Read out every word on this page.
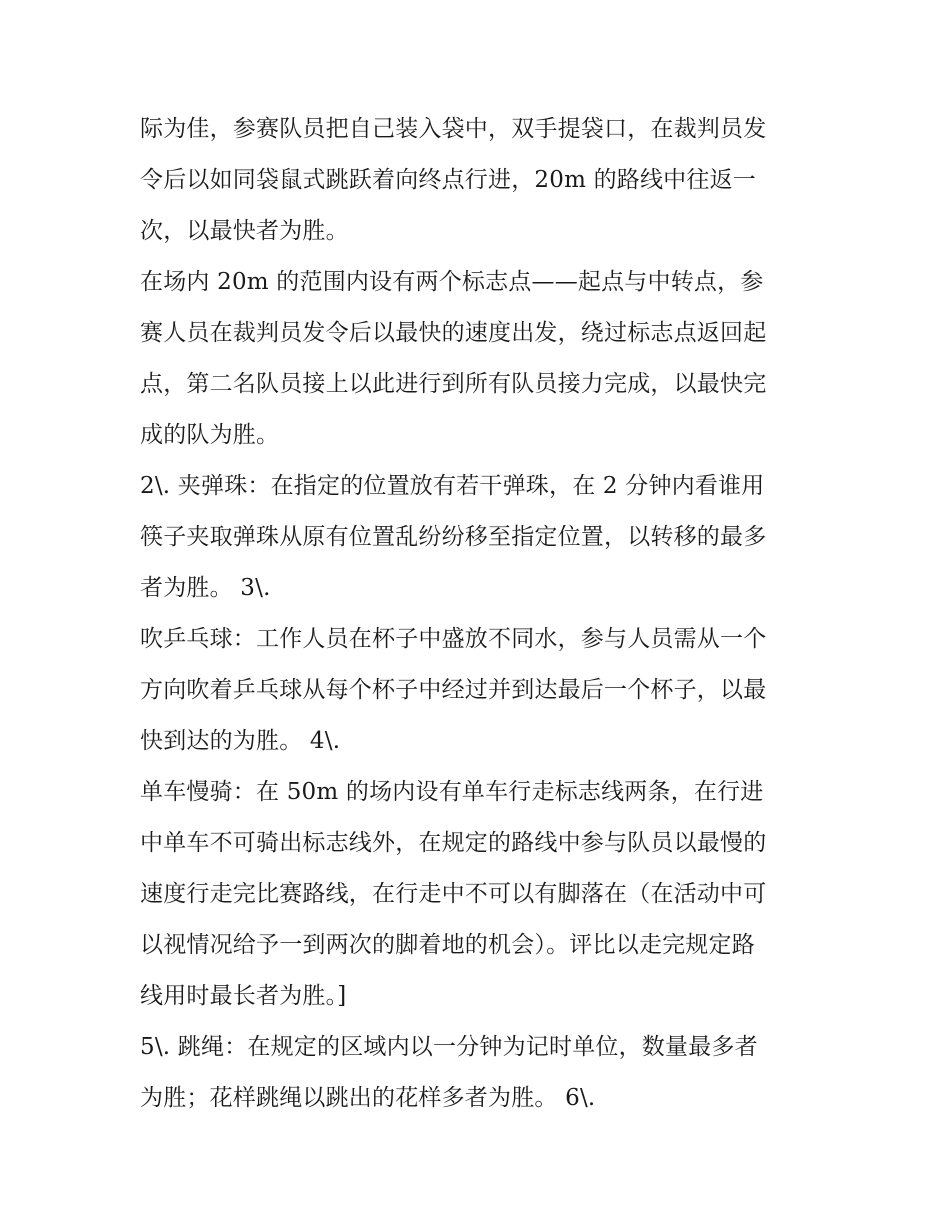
际为佳，参赛队员把自己装入袋中，双手提袋口，在裁判员发
令后以如同袋鼠式跳跃着向终点行进，20m 的路线中往返一
次，以最快者为胜。
在场内 20m 的范围内设有两个标志点——起点与中转点，参
赛人员在裁判员发令后以最快的速度出发，绕过标志点返回起
点，第二名队员接上以此进行到所有队员接力完成，以最快完
成的队为胜。
2\. 夹弹珠：在指定的位置放有若干弹珠，在 2 分钟内看谁用
筷子夹取弹珠从原有位置乱纷纷移至指定位置，以转移的最多
者为胜。 3\.
吹乒乓球：工作人员在杯子中盛放不同水，参与人员需从一个
方向吹着乒乓球从每个杯子中经过并到达最后一个杯子，以最
快到达的为胜。 4\.
单车慢骑：在 50m 的场内设有单车行走标志线两条，在行进
中单车不可骑出标志线外，在规定的路线中参与队员以最慢的
速度行走完比赛路线，在行走中不可以有脚落在（在活动中可
以视情况给予一到两次的脚着地的机会）。评比以走完规定路
线用时最长者为胜。]
5\. 跳绳：在规定的区域内以一分钟为记时单位，数量最多者
为胜；花样跳绳以跳出的花样多者为胜。 6\.
